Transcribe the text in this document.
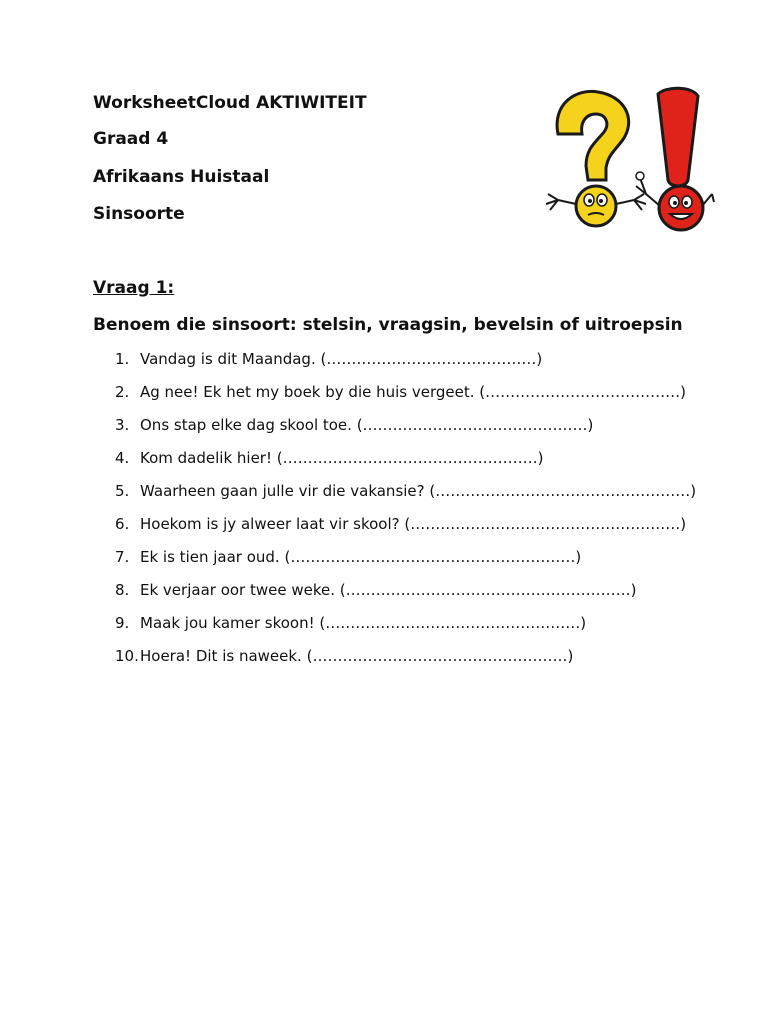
WorksheetCloud AKTIWITEIT
Graad 4
Afrikaans Huistaal
Sinsoorte
Vraag 1:
Benoem die sinsoort: stelsin, vraagsin, bevelsin of uitroepsin
1. Vandag is dit Maandag. (……………………………………)
2. Ag nee! Ek het my boek by die huis vergeet. (…………………………………)
3. Ons stap elke dag skool toe. (………………………………………)
4. Kom dadelik hier! (……………………………………………)
5. Waarheen gaan julle vir die vakansie? (……………………………………………)
6. Hoekom is jy alweer laat vir skool? (………………………………………………)
7. Ek is tien jaar oud. (…………………………………………………)
8. Ek verjaar oor twee weke. (…………………………………………………)
9. Maak jou kamer skoon! (……………………………………………)
10.Hoera! Dit is naweek. (……………………………………………)
